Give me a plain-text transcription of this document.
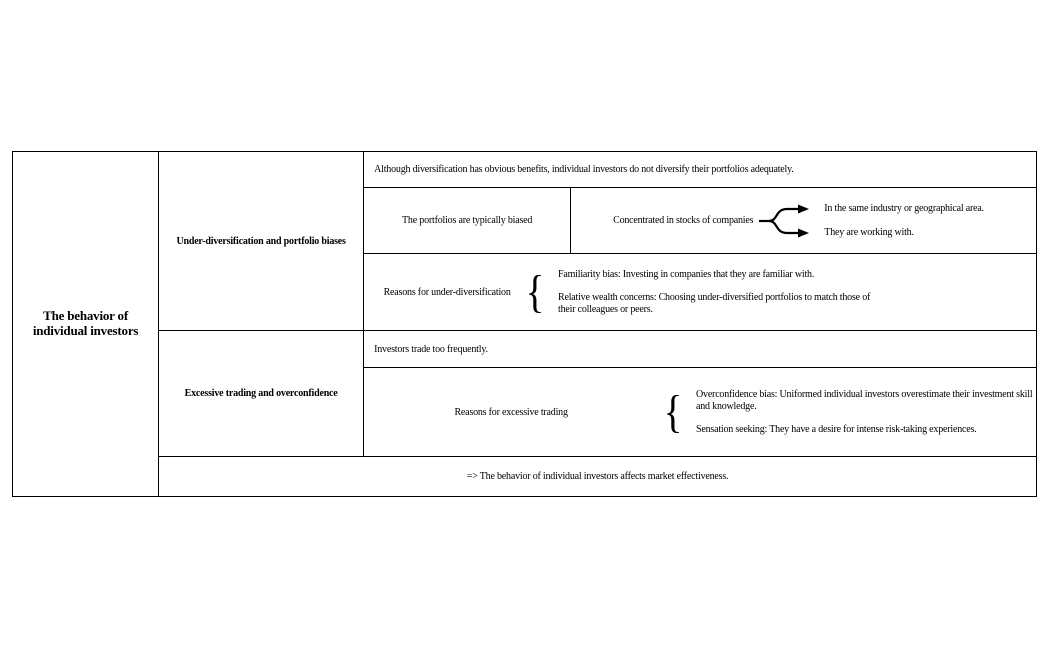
The behavior of individual investors
Under-diversification and portfolio biases
Excessive trading and overconfidence
Although diversification has obvious benefits, individual investors do not diversify their portfolios adequately.
The portfolios are typically biased	Concentrated in stocks of companies
In the same industry or geographical area.
They are working with.
Reasons for under-diversification { Familiarity bias: Investing in companies that they are familiar with.
Relative wealth concerns: Choosing under-diversified portfolios to match those of their colleagues or peers.
Investors trade too frequently.
Reasons for excessive trading	{ Overconfidence bias: Uniformed individual investors overestimate their investment skill and knowledge.
Sensation seeking: They have a desire for intense risk-taking experiences.
=> The behavior of individual investors affects market effectiveness.
